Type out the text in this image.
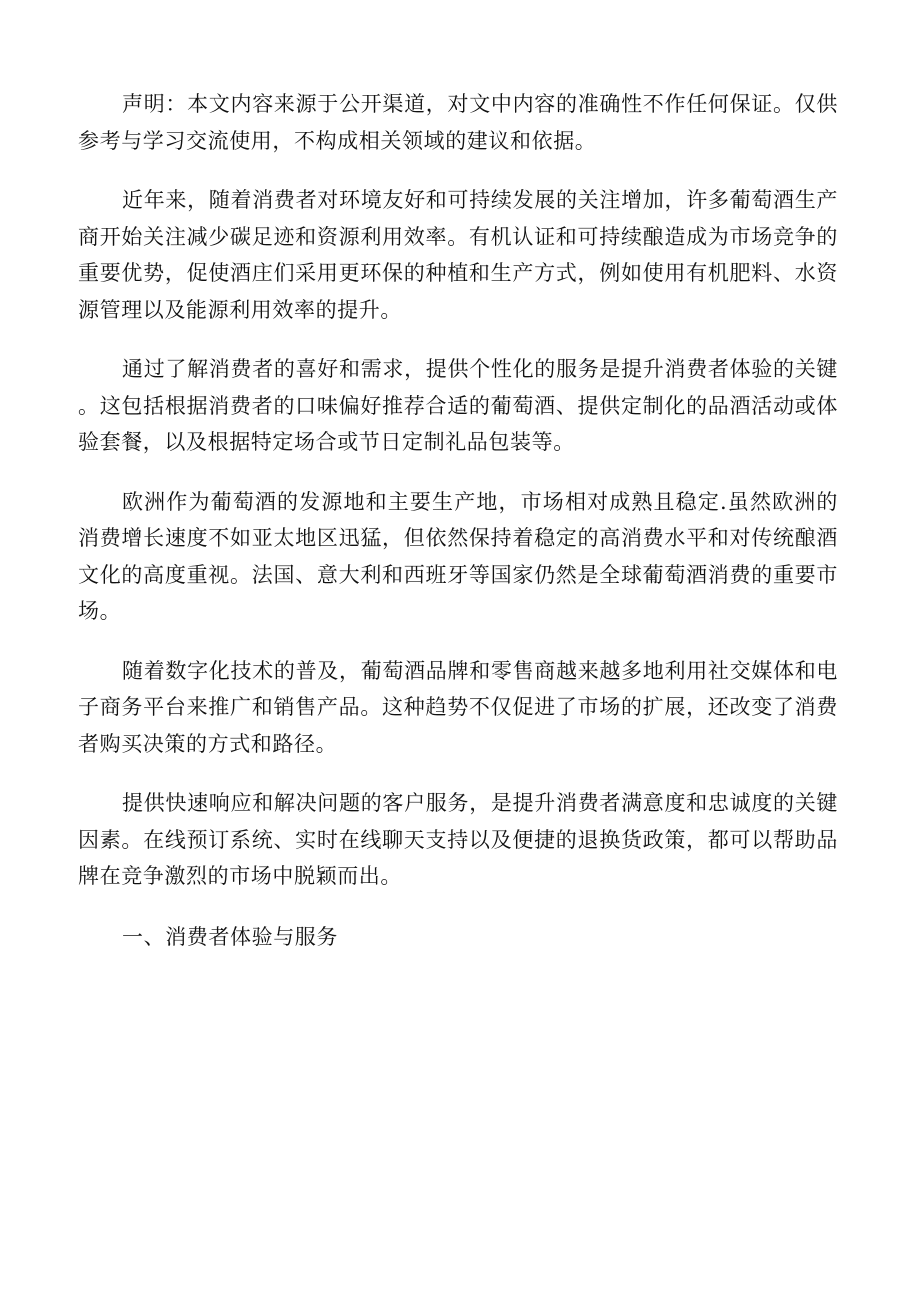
声明：本文内容来源于公开渠道，对文中内容的准确性不作任何保证。仅供参考与学习交流使用，不构成相关领域的建议和依据。

近年来，随着消费者对环境友好和可持续发展的关注增加，许多葡萄酒生产商开始关注减少碳足迹和资源利用效率。有机认证和可持续酿造成为市场竞争的重要优势，促使酒庄们采用更环保的种植和生产方式，例如使用有机肥料、水资源管理以及能源利用效率的提升。

通过了解消费者的喜好和需求，提供个性化的服务是提升消费者体验的关键。这包括根据消费者的口味偏好推荐合适的葡萄酒、提供定制化的品酒活动或体验套餐，以及根据特定场合或节日定制礼品包装等。

欧洲作为葡萄酒的发源地和主要生产地，市场相对成熟且稳定.虽然欧洲的消费增长速度不如亚太地区迅猛，但依然保持着稳定的高消费水平和对传统酿酒文化的高度重视。法国、意大利和西班牙等国家仍然是全球葡萄酒消费的重要市场。

随着数字化技术的普及，葡萄酒品牌和零售商越来越多地利用社交媒体和电子商务平台来推广和销售产品。这种趋势不仅促进了市场的扩展，还改变了消费者购买决策的方式和路径。

提供快速响应和解决问题的客户服务，是提升消费者满意度和忠诚度的关键因素。在线预订系统、实时在线聊天支持以及便捷的退换货政策，都可以帮助品牌在竞争激烈的市场中脱颖而出。

一、消费者体验与服务
